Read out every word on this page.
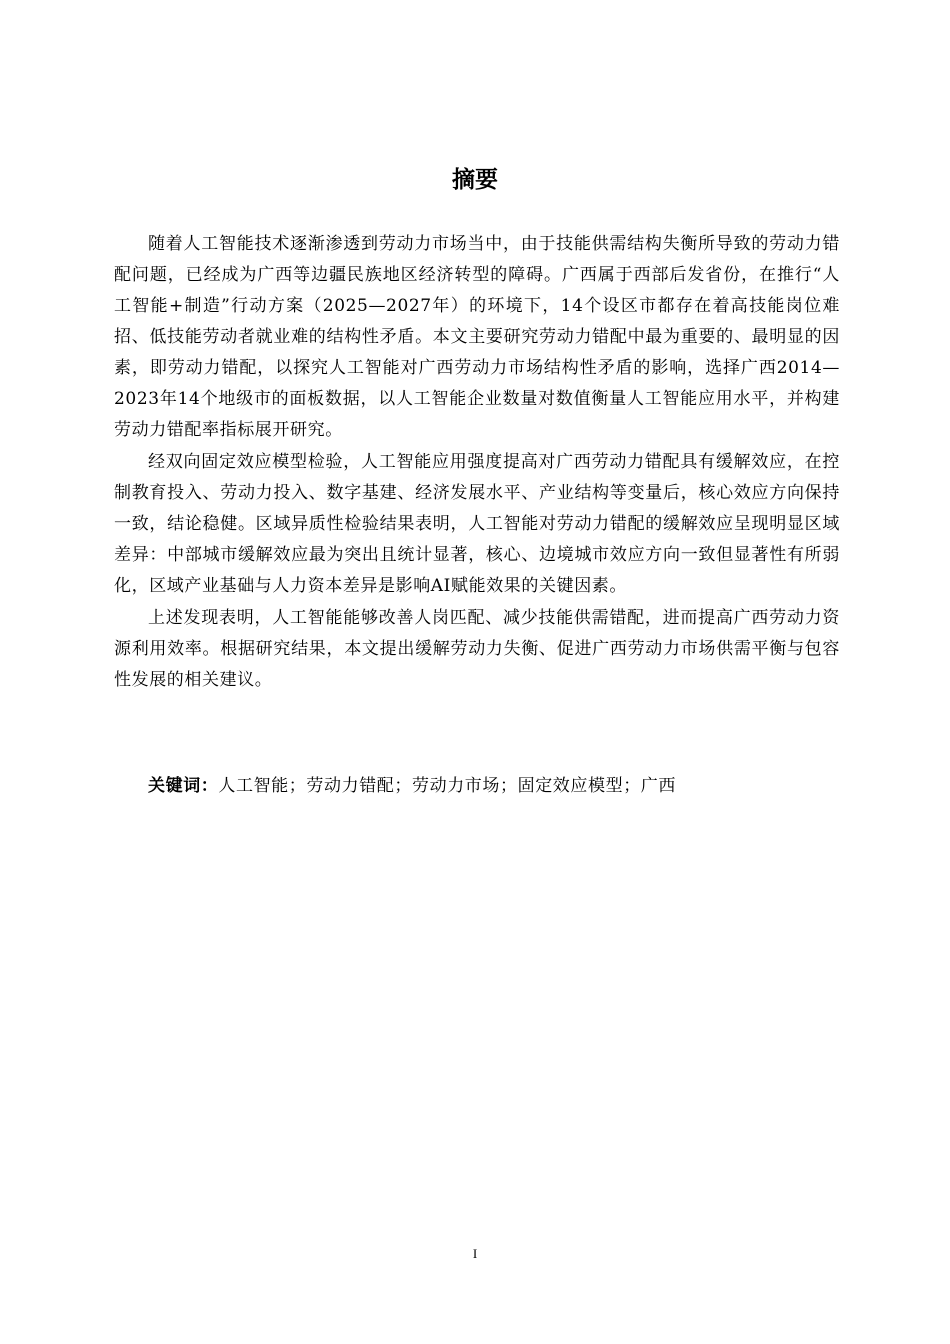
摘要

随着人工智能技术逐渐渗透到劳动力市场当中，由于技能供需结构失衡所导致的劳动力错配问题，已经成为广西等边疆民族地区经济转型的障碍。广西属于西部后发省份，在推行“人工智能+制造”行动方案（2025—2027年）的环境下，14个设区市都存在着高技能岗位难招、低技能劳动者就业难的结构性矛盾。本文主要研究劳动力错配中最为重要的、最明显的因素，即劳动力错配，以探究人工智能对广西劳动力市场结构性矛盾的影响，选择广西2014—2023年14个地级市的面板数据，以人工智能企业数量对数值衡量人工智能应用水平，并构建劳动力错配率指标展开研究。

经双向固定效应模型检验，人工智能应用强度提高对广西劳动力错配具有缓解效应，在控制教育投入、劳动力投入、数字基建、经济发展水平、产业结构等变量后，核心效应方向保持一致，结论稳健。区域异质性检验结果表明，人工智能对劳动力错配的缓解效应呈现明显区域差异：中部城市缓解效应最为突出且统计显著，核心、边境城市效应方向一致但显著性有所弱化，区域产业基础与人力资本差异是影响AI赋能效果的关键因素。

上述发现表明，人工智能能够改善人岗匹配、减少技能供需错配，进而提高广西劳动力资源利用效率。根据研究结果，本文提出缓解劳动力失衡、促进广西劳动力市场供需平衡与包容性发展的相关建议。

关键词：人工智能；劳动力错配；劳动力市场；固定效应模型；广西
I
